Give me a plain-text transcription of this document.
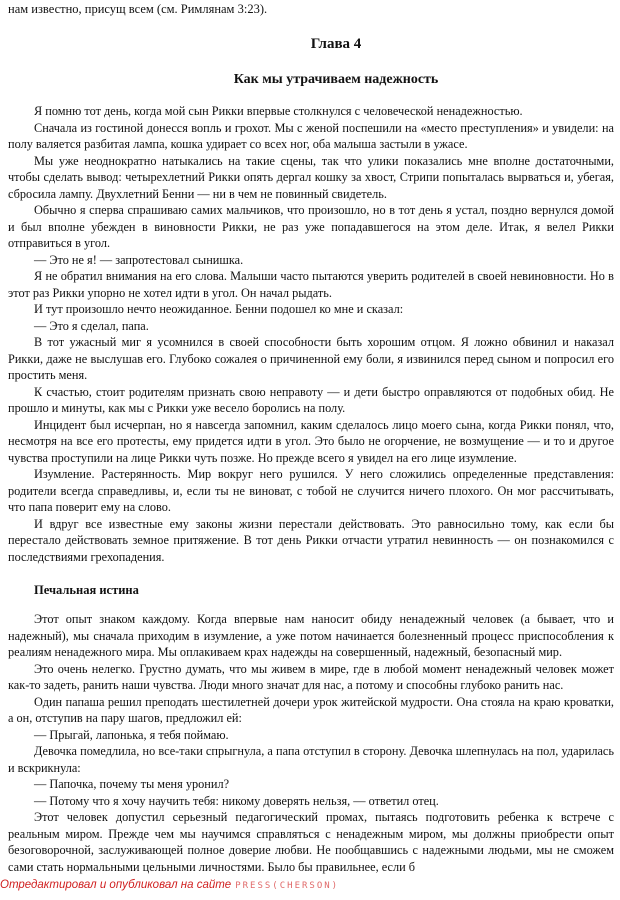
нам известно, присущ всем (см. Римлянам 3:23).
Глава 4
Как мы утрачиваем надежность

Я помню тот день, когда мой сын Рикки впервые столкнулся с человеческой ненадежностью.

Сначала из гостиной донесся вопль и грохот. Мы с женой поспешили на «место преступления» и увидели: на полу валяется разбитая лампа, кошка удирает со всех ног, оба малыша застыли в ужасе.

Мы уже неоднократно натыкались на такие сцены, так что улики показались мне вполне достаточными, чтобы сделать вывод: четырехлетний Рикки опять дергал кошку за хвост, Стрипи попыталась вырваться и, убегая, сбросила лампу. Двухлетний Бенни — ни в чем не повинный свидетель.

Обычно я сперва спрашиваю самих мальчиков, что произошло, но в тот день я устал, поздно вернулся домой и был вполне убежден в виновности Рикки, не раз уже попадавшегося на этом деле. Итак, я велел Рикки отправиться в угол.

— Это не я! — запротестовал сынишка.

Я не обратил внимания на его слова. Малыши часто пытаются уверить родителей в своей невиновности. Но в этот раз Рикки упорно не хотел идти в угол. Он начал рыдать.

И тут произошло нечто неожиданное. Бенни подошел ко мне и сказал:

— Это я сделал, папа.

В тот ужасный миг я усомнился в своей способности быть хорошим отцом. Я ложно обвинил и наказал Рикки, даже не выслушав его. Глубоко сожалея о причиненной ему боли, я извинился перед сыном и попросил его простить меня.

К счастью, стоит родителям признать свою неправоту — и дети быстро оправляются от подобных обид. Не прошло и минуты, как мы с Рикки уже весело боролись на полу.

Инцидент был исчерпан, но я навсегда запомнил, каким сделалось лицо моего сына, когда Рикки понял, что, несмотря на все его протесты, ему придется идти в угол. Это было не огорчение, не возмущение — и то и другое чувства проступили на лице Рикки чуть позже. Но прежде всего я увидел на его лице изумление.

Изумление. Растерянность. Мир вокруг него рушился. У него сложились определенные представления: родители всегда справедливы, и, если ты не виноват, с тобой не случится ничего плохого. Он мог рассчитывать, что папа поверит ему на слово.

И вдруг все известные ему законы жизни перестали действовать. Это равносильно тому, как если бы перестало действовать земное притяжение. В тот день Рикки отчасти утратил невинность — он познакомился с последствиями грехопадения.

Печальная истина

Этот опыт знаком каждому. Когда впервые нам наносит обиду ненадежный человек (а бывает, что и надежный), мы сначала приходим в изумление, а уже потом начинается болезненный процесс приспособления к реалиям ненадежного мира. Мы оплакиваем крах надежды на совершенный, надежный, безопасный мир.

Это очень нелегко. Грустно думать, что мы живем в мире, где в любой момент ненадежный человек может как-то задеть, ранить наши чувства. Люди много значат для нас, а потому и способны глубоко ранить нас.

Один папаша решил преподать шестилетней дочери урок житейской мудрости. Она стояла на краю кроватки, а он, отступив на пару шагов, предложил ей:

— Прыгай, лапонька, я тебя поймаю.

Девочка помедлила, но все-таки спрыгнула, а папа отступил в сторону. Девочка шлепнулась на пол, ударилась и вскрикнула:

— Папочка, почему ты меня уронил?

— Потому что я хочу научить тебя: никому доверять нельзя, — ответил отец.

Этот человек допустил серьезный педагогический промах, пытаясь подготовить ребенка к встрече с реальным миром. Прежде чем мы научимся справляться с ненадежным миром, мы должны приобрести опыт безоговорочной, заслуживающей полное доверие любви. Не пообщавшись с надежными людьми, мы не сможем сами стать нормальными цельными личностями. Было бы правильнее, если б

Отредактировал и опубликовал на сайте PRESS(CHERSON)
